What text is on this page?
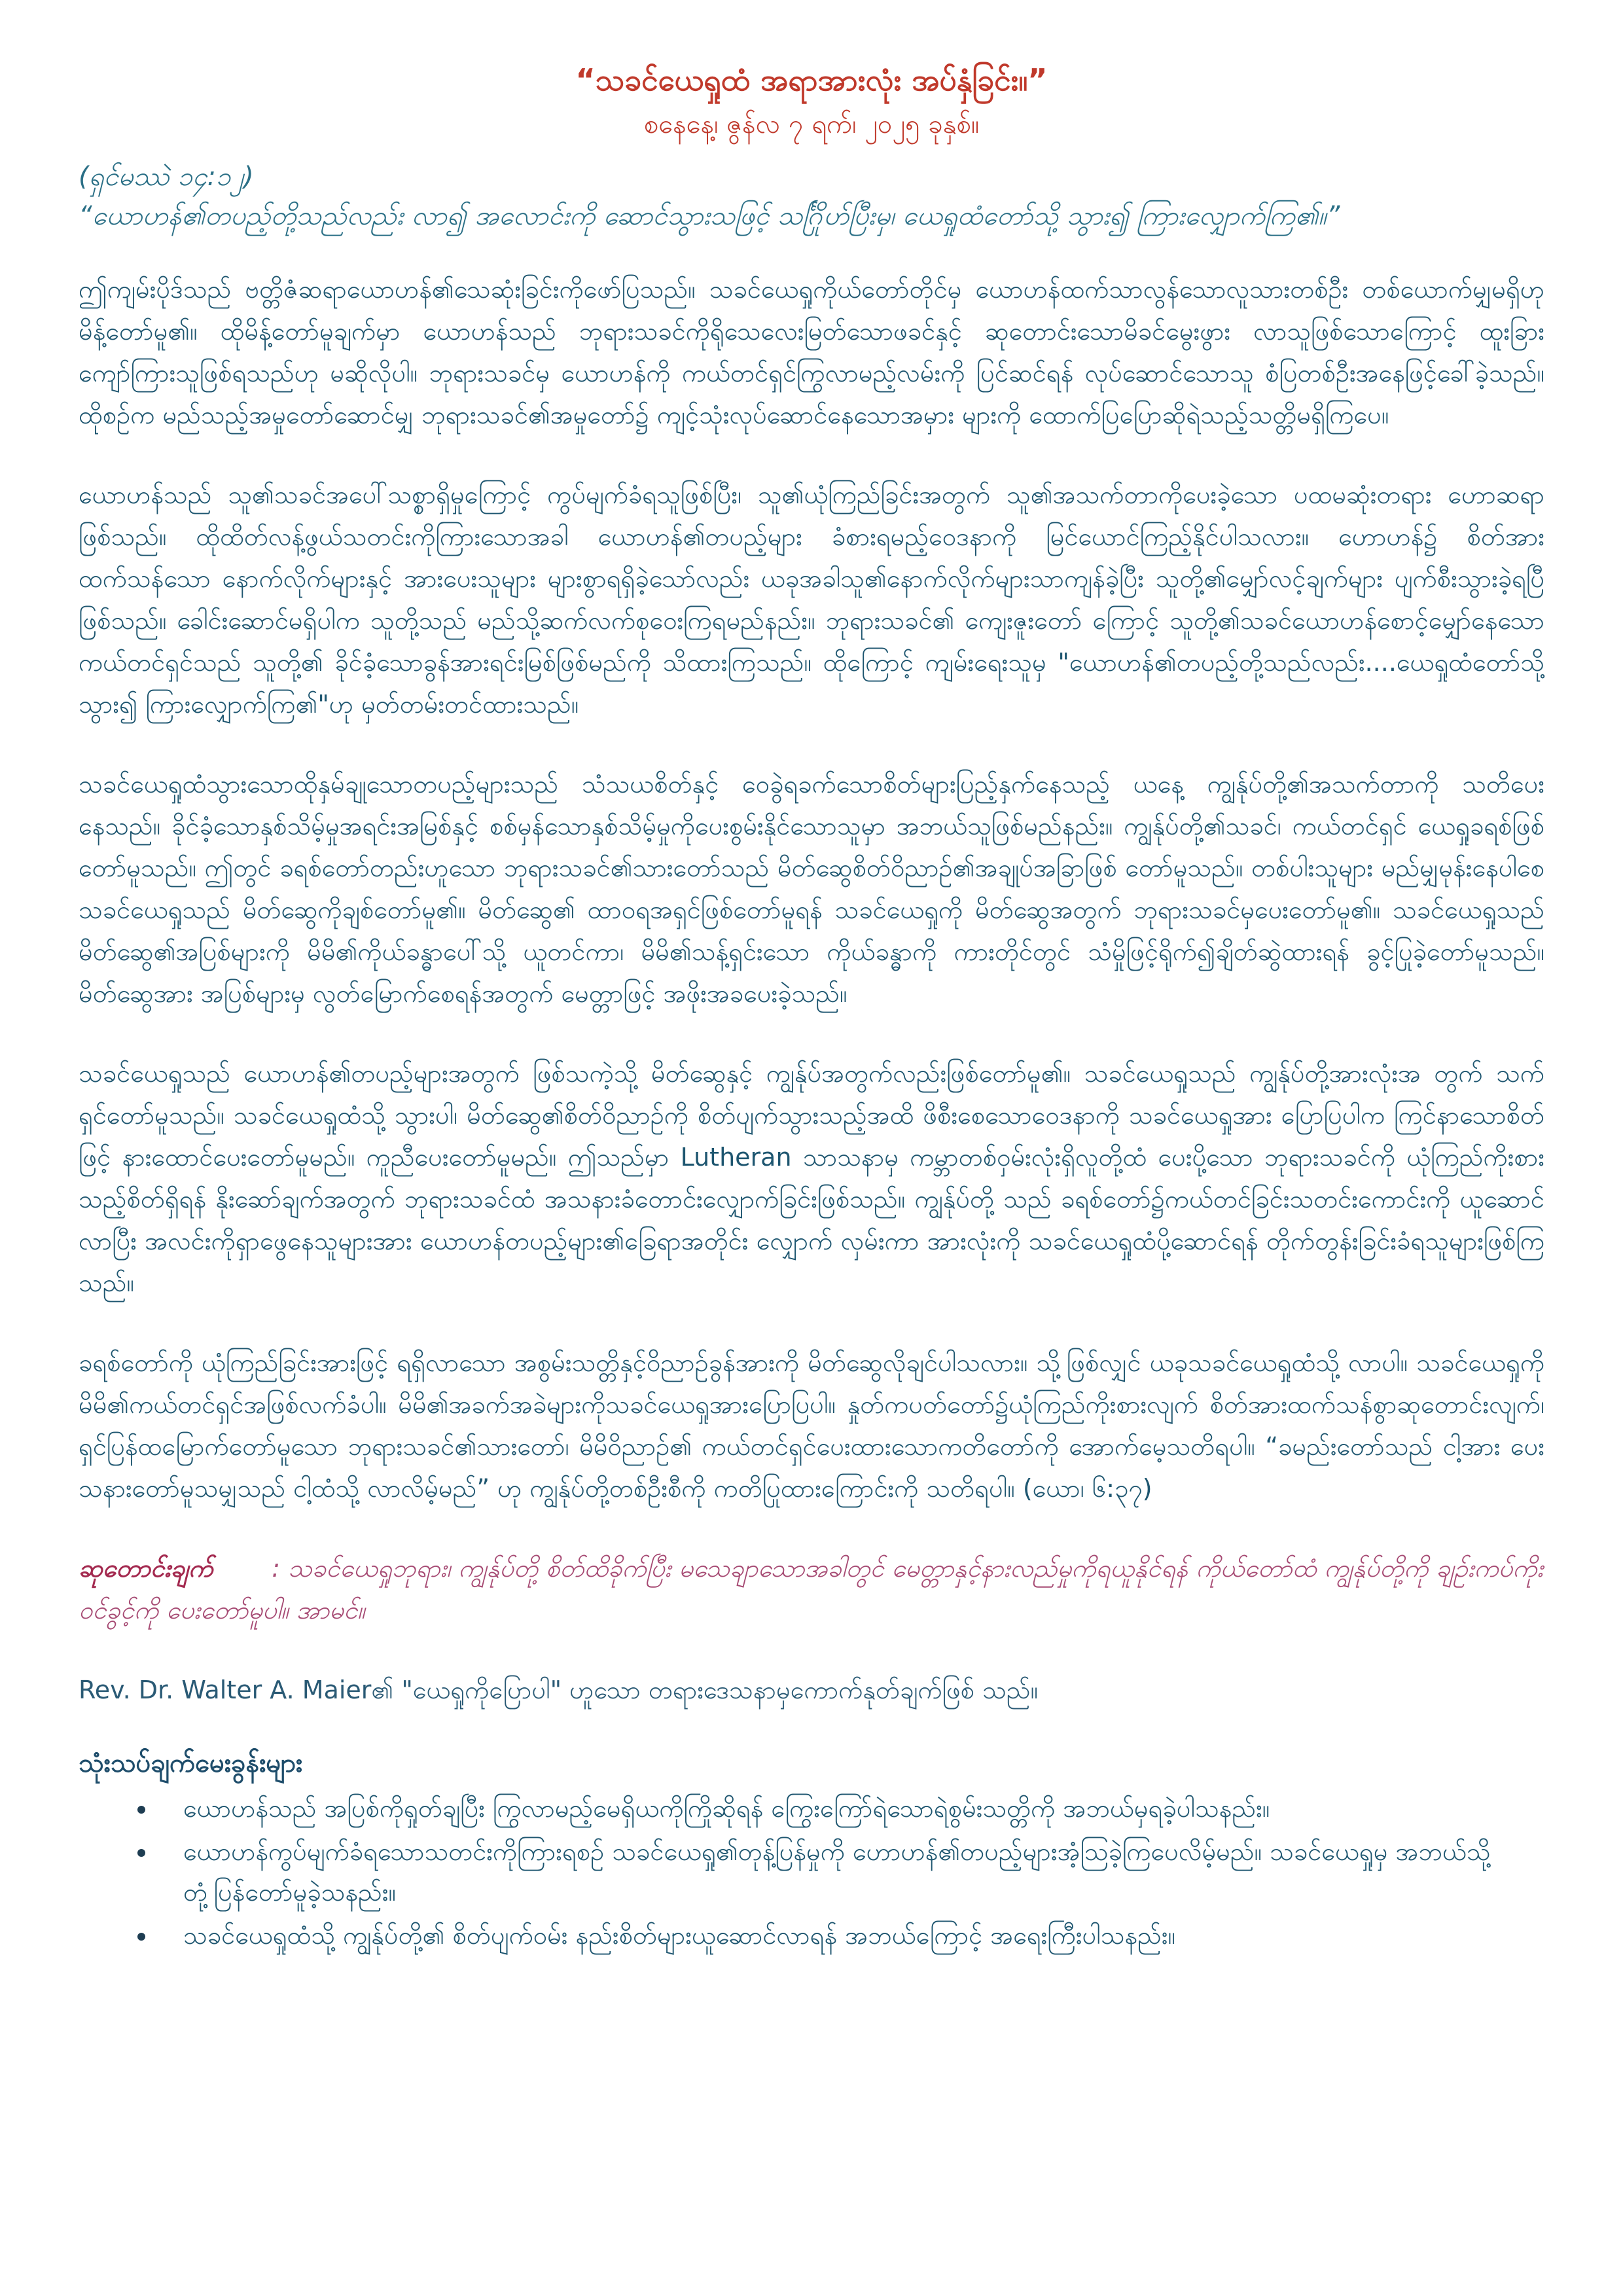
“သခင်ယေရှုထံ အရာအားလုံး အပ်နှံခြင်း။”

စနေနေ့၊ ဇွန်လ ၇ ရက်၊ ၂၀၂၅ ခုနှစ်။

(ရှင်မဿဲ ၁၄:၁၂)

“ယောဟန်၏တပည့်တို့သည်လည်း လာ၍ အလောင်းကို ဆောင်သွားသဖြင့် သင်္ဂြိုဟ်ပြီးမှ၊ ယေရှုထံတော်သို့ သွား၍ ကြားလျှောက်ကြ၏။”

ဤကျမ်းပိုဒ်သည် ဗတ္တိဇံဆရာယောဟန်၏သေဆုံးခြင်းကိုဖော်ပြသည်။ သခင်ယေရှုကိုယ်တော်တိုင်မှ ယောဟန်ထက်သာလွန်သောလူသားတစ်ဦး တစ်ယောက်မျှမရှိဟု မိန့်တော်မူ၏။ ထိုမိန့်တော်မူချက်မှာ ယောဟန်သည် ဘုရားသခင်ကိုရိုသေလေးမြတ်သောဖခင်နှင့် ဆုတောင်းသောမိခင်မွေးဖွား လာသူဖြစ်သောကြောင့် ထူးခြားကျော်ကြားသူဖြစ်ရသည်ဟု မဆိုလိုပါ။ ဘုရားသခင်မှ ယောဟန်ကို ကယ်တင်ရှင်ကြွလာမည့်လမ်းကို ပြင်ဆင်ရန် လုပ်ဆောင်သောသူ စံပြတစ်ဦးအနေဖြင့်ခေါ်ခဲ့သည်။ ထိုစဉ်က မည်သည့်အမှုတော်ဆောင်မျှ ဘုရားသခင်၏အမှုတော်၌ ကျင့်သုံးလုပ်ဆောင်နေသောအမှား များကို ထောက်ပြပြောဆိုရဲသည့်သတ္တိမရှိကြပေ။

ယောဟန်သည် သူ၏သခင်အပေါ်သစ္စာရှိမှုကြောင့် ကွပ်မျက်ခံရသူဖြစ်ပြီး၊ သူ၏ယုံကြည်ခြင်းအတွက် သူ၏အသက်တာကိုပေးခဲ့သော ပထမဆုံးတရား ဟောဆရာဖြစ်သည်။ ထိုထိတ်လန့်ဖွယ်သတင်းကိုကြားသောအခါ ယောဟန်၏တပည့်များ ခံစားရမည့်ဝေဒနာကို မြင်ယောင်ကြည့်နိုင်ပါသလား။ ဟောဟန်၌ စိတ်အားထက်သန်သော နောက်လိုက်များနှင့် အားပေးသူများ များစွာရရှိခဲ့သော်လည်း ယခုအခါသူ၏နောက်လိုက်များသာကျန်ခဲ့ပြီး သူတို့၏မျှော်လင့်ချက်များ ပျက်စီးသွားခဲ့ရပြီဖြစ်သည်။ ခေါင်းဆောင်မရှိပါက သူတို့သည် မည်သို့ဆက်လက်စုဝေးကြရမည်နည်း။ ဘုရားသခင်၏ ကျေးဇူးတော် ကြောင့် သူတို့၏သခင်ယောဟန်စောင့်မျှော်နေသောကယ်တင်ရှင်သည် သူတို့၏ ခိုင်ခံ့သောခွန်အားရင်းမြစ်ဖြစ်မည်ကို သိထားကြသည်။ ထိုကြောင့် ကျမ်းရေးသူမှ "ယောဟန်၏တပည့်တို့သည်လည်း....ယေရှုထံတော်သို့ သွား၍ ကြားလျှောက်ကြ၏"ဟု မှတ်တမ်းတင်ထားသည်။

သခင်ယေရှုထံသွားသောထိုနှမ်ချုသောတပည့်များသည် သံသယစိတ်နှင့် ဝေခွဲရခက်သောစိတ်များပြည့်နှက်နေသည့် ယနေ့ ကျွန်ုပ်တို့၏အသက်တာကို သတိပေးနေသည်။ ခိုင်ခံ့သောနှစ်သိမ့်မှုအရင်းအမြစ်နှင့် စစ်မှန်သောနှစ်သိမ့်မှုကိုပေးစွမ်းနိုင်သောသူမှာ အဘယ်သူဖြစ်မည်နည်း။ ကျွန်ုပ်တို့၏သခင်၊ ကယ်တင်ရှင် ယေရှုခရစ်ဖြစ်တော်မူသည်။ ဤတွင် ခရစ်တော်တည်းဟူသော ဘုရားသခင်၏သားတော်သည် မိတ်ဆွေစိတ်ဝိညာဉ်၏အချုပ်အခြာဖြစ် တော်မူသည်။ တစ်ပါးသူများ မည်မျှမုန်းနေပါစေ သခင်ယေရှုသည် မိတ်ဆွေကိုချစ်တော်မူ၏။ မိတ်ဆွေ၏ ထာဝရအရှင်ဖြစ်တော်မူရန် သခင်ယေရှုကို မိတ်ဆွေအတွက် ဘုရားသခင်မှပေးတော်မူ၏။ သခင်ယေရှုသည် မိတ်ဆွေ၏အပြစ်များကို မိမိ၏ကိုယ်ခန္ဓာပေါ်သို့ ယူတင်ကာ၊ မိမိ၏သန့်ရှင်းသော ကိုယ်ခန္ဓာကို ကားတိုင်တွင် သံမှိုဖြင့်ရိုက်၍ချိတ်ဆွဲထားရန် ခွင့်ပြုခဲ့တော်မူသည်။ မိတ်ဆွေအား အပြစ်များမှ လွတ်မြောက်စေရန်အတွက် မေတ္တာဖြင့် အဖိုးအခပေးခဲ့သည်။

သခင်ယေရှုသည် ယောဟန်၏တပည့်များအတွက် ဖြစ်သကဲ့သို့ မိတ်ဆွေနှင့် ကျွန်ုပ်အတွက်လည်းဖြစ်တော်မူ၏။ သခင်ယေရှုသည် ကျွန်ုပ်တို့အားလုံးအ တွက် သက်ရှင်တော်မူသည်။ သခင်ယေရှုထံသို့ သွားပါ၊ မိတ်ဆွေ၏စိတ်ဝိညာဉ်ကို စိတ်ပျက်သွားသည့်အထိ ဖိစီးစေသောဝေဒနာကို သခင်ယေရှုအား ပြောပြပါက ကြင်နာသောစိတ်ဖြင့် နားထောင်ပေးတော်မူမည်။ ကူညီပေးတော်မူမည်။ ဤသည်မှာ Lutheran သာသနာမှ ကမ္ဘာတစ်ဝှမ်းလုံးရှိလူတို့ထံ ပေးပို့သော ဘုရားသခင်ကို ယုံကြည်ကိုးစားသည့်စိတ်ရှိရန် နိုးဆော်ချက်အတွက် ဘုရားသခင်ထံ အသနားခံတောင်းလျှောက်ခြင်းဖြစ်သည်။ ကျွန်ုပ်တို့ သည် ခရစ်တော်၌ကယ်တင်ခြင်းသတင်းကောင်းကို ယူဆောင်လာပြီး အလင်းကိုရှာဖွေနေသူများအား ယောဟန်တပည့်များ၏ခြေရာအတိုင်း လျှောက် လှမ်းကာ အားလုံးကို သခင်ယေရှုထံပို့ဆောင်ရန် တိုက်တွန်းခြင်းခံရသူများဖြစ်ကြသည်။

ခရစ်တော်ကို ယုံကြည်ခြင်းအားဖြင့် ရရှိလာသော အစွမ်းသတ္တိနှင့်ဝိညာဉ်ခွန်အားကို မိတ်ဆွေလိုချင်ပါသလား။ သို့ဖြစ်လျှင် ယခုသခင်ယေရှုထံသို့ လာပါ။ သခင်ယေရှုကို မိမိ၏ကယ်တင်ရှင်အဖြစ်လက်ခံပါ။ မိမိ၏အခက်အခဲများကိုသခင်ယေရှုအားပြောပြပါ။ နှုတ်ကပတ်တော်၌ယုံကြည်ကိုးစားလျက် စိတ်အားထက်သန်စွာဆုတောင်းလျက်၊ ရှင်ပြန်ထမြောက်တော်မူသော ဘုရားသခင်၏သားတော်၊ မိမိဝိညာဉ်၏ ကယ်တင်ရှင်ပေးထားသောကတိတော်ကို အောက်မေ့သတိရပါ။ “ခမည်းတော်သည် ငါ့အား ပေးသနားတော်မူသမျှသည် ငါ့ထံသို့ လာလိမ့်မည်” ဟု ကျွန်ုပ်တို့တစ်ဦးစီကို ကတိပြုထားကြောင်းကို သတိရပါ။ (ယော၊ ၆:၃၇)

ဆုတောင်းချက် : သခင်ယေရှုဘုရား၊ ကျွန်ုပ်တို့ စိတ်ထိခိုက်ပြီး မသေချာသောအခါတွင် မေတ္တာနှင့်နားလည်မှုကိုရယူနိုင်ရန် ကိုယ်တော်ထံ ကျွန်ုပ်တို့ကို ချဉ်းကပ်ကိုးဝင်ခွင့်ကို ပေးတော်မူပါ။ အာမင်။

Rev. Dr. Walter A. Maier၏ "ယေရှုကိုပြောပါ" ဟူသော တရားဒေသနာမှကောက်နုတ်ချက်ဖြစ် သည်။

သုံးသပ်ချက်မေးခွန်းများ
• ယောဟန်သည် အပြစ်ကိုရှုတ်ချပြီး ကြွလာမည့်မေရှိယကိုကြိုဆိုရန် ကြွေးကြော်ရဲသောရဲစွမ်းသတ္တိကို အဘယ်မှရခဲ့ပါသနည်း။
• ယောဟန်ကွပ်မျက်ခံရသောသတင်းကိုကြားရစဉ် သခင်ယေရှု၏တုန့်ပြန်မှုကို ဟောဟန်၏တပည့်များအံ့သြခဲ့ကြပေလိမ့်မည်။ သခင်ယေရှုမှ အဘယ်သို့တုံ့ပြန်တော်မူခဲ့သနည်း။
• သခင်ယေရှုထံသို့ ကျွန်ုပ်တို့၏ စိတ်ပျက်ဝမ်း နည်းစိတ်များယူဆောင်လာရန် အဘယ်ကြောင့် အရေးကြီးပါသနည်း။
